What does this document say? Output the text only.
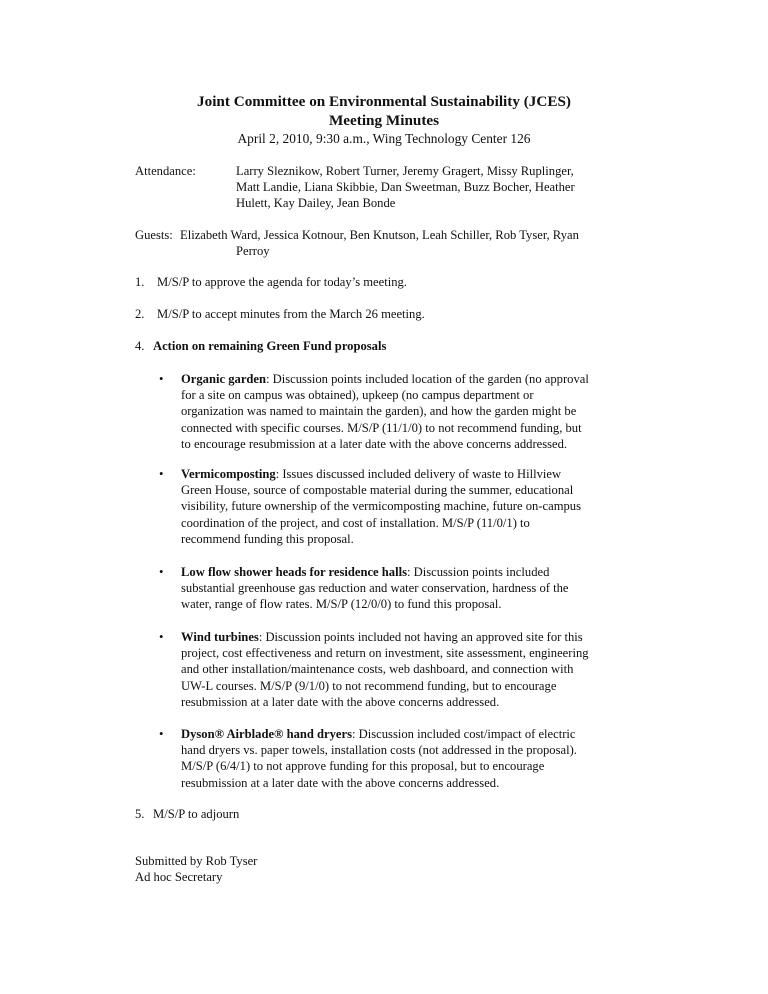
Joint Committee on Environmental Sustainability (JCES)
Meeting Minutes
April 2, 2010, 9:30 a.m., Wing Technology Center 126
Attendance:	Larry Sleznikow, Robert Turner, Jeremy Gragert, Missy Ruplinger,
Matt Landie, Liana Skibbie, Dan Sweetman, Buzz Bocher, Heather
Hulett, Kay Dailey, Jean Bonde
Guests: Elizabeth Ward, Jessica Kotnour, Ben Knutson, Leah Schiller, Rob Tyser, Ryan
Perroy
1. M/S/P to approve the agenda for today’s meeting.
2. M/S/P to accept minutes from the March 26 meeting.
4. Action on remaining Green Fund proposals
• Organic garden: Discussion points included location of the garden (no approval
for a site on campus was obtained), upkeep (no campus department or
organization was named to maintain the garden), and how the garden might be
connected with specific courses. M/S/P (11/1/0) to not recommend funding, but
to encourage resubmission at a later date with the above concerns addressed.
• Vermicomposting: Issues discussed included delivery of waste to Hillview
Green House, source of compostable material during the summer, educational
visibility, future ownership of the vermicomposting machine, future on-campus
coordination of the project, and cost of installation. M/S/P (11/0/1) to
recommend funding this proposal.
• Low flow shower heads for residence halls: Discussion points included
substantial greenhouse gas reduction and water conservation, hardness of the
water, range of flow rates. M/S/P (12/0/0) to fund this proposal.
• Wind turbines: Discussion points included not having an approved site for this
project, cost effectiveness and return on investment, site assessment, engineering
and other installation/maintenance costs, web dashboard, and connection with
UW-L courses. M/S/P (9/1/0) to not recommend funding, but to encourage
resubmission at a later date with the above concerns addressed.
• Dyson® Airblade® hand dryers: Discussion included cost/impact of electric
hand dryers vs. paper towels, installation costs (not addressed in the proposal).
M/S/P (6/4/1) to not approve funding for this proposal, but to encourage
resubmission at a later date with the above concerns addressed.
5. M/S/P to adjourn
Submitted by Rob Tyser
Ad hoc Secretary
